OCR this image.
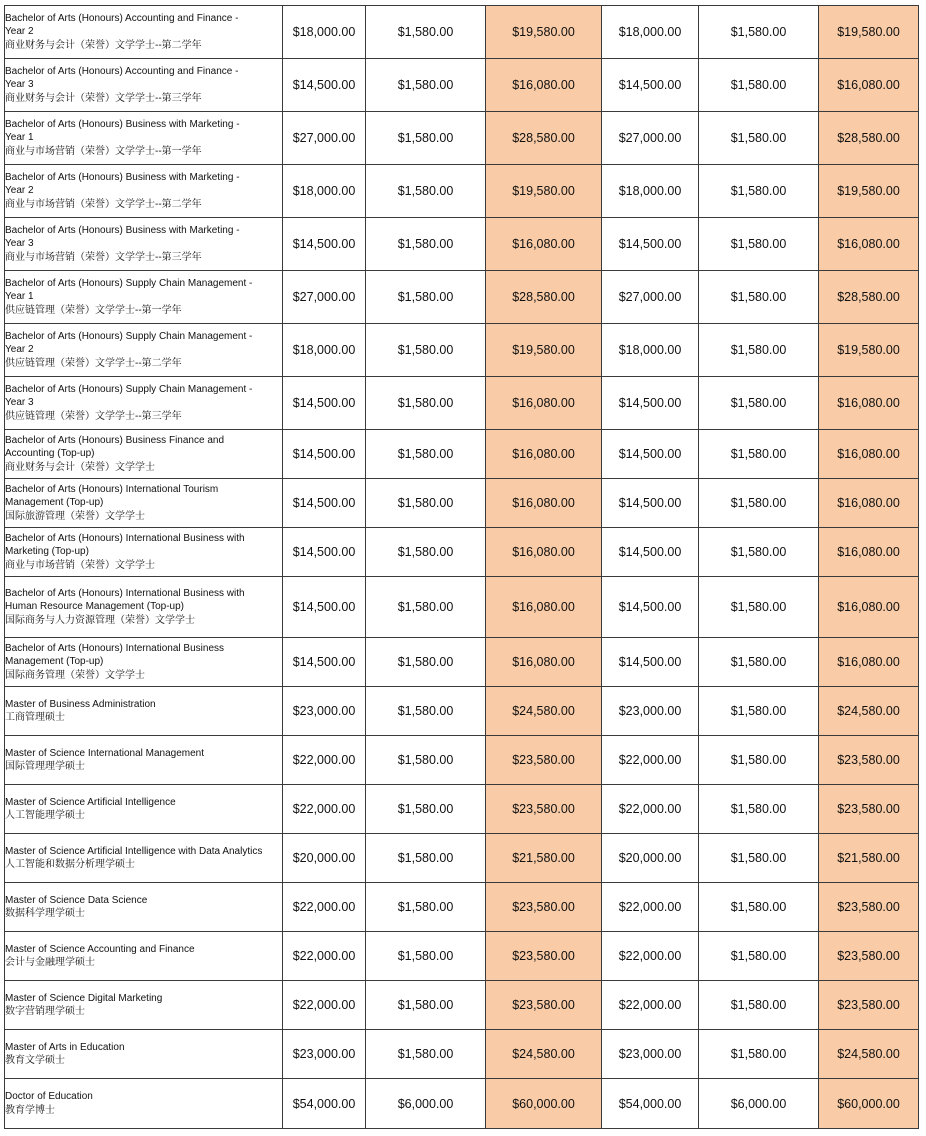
Bachelor of Arts (Honours) Accounting and Finance -
Year 2
商业财务与会计（荣誉）文学学士--第二学年	$18,000.00	$1,580.00	$19,580.00	$18,000.00	$1,580.00	$19,580.00

Bachelor of Arts (Honours) Accounting and Finance -
Year 3
商业财务与会计（荣誉）文学学士--第三学年	$14,500.00	$1,580.00	$16,080.00	$14,500.00	$1,580.00	$16,080.00

Bachelor of Arts (Honours) Business with Marketing -
Year 1
商业与市场营销（荣誉）文学学士--第一学年	$27,000.00	$1,580.00	$28,580.00	$27,000.00	$1,580.00	$28,580.00

Bachelor of Arts (Honours) Business with Marketing -
Year 2
商业与市场营销（荣誉）文学学士--第二学年	$18,000.00	$1,580.00	$19,580.00	$18,000.00	$1,580.00	$19,580.00

Bachelor of Arts (Honours) Business with Marketing -
Year 3
商业与市场营销（荣誉）文学学士--第三学年	$14,500.00	$1,580.00	$16,080.00	$14,500.00	$1,580.00	$16,080.00

Bachelor of Arts (Honours) Supply Chain Management -
Year 1
供应链管理（荣誉）文学学士--第一学年	$27,000.00	$1,580.00	$28,580.00	$27,000.00	$1,580.00	$28,580.00

Bachelor of Arts (Honours) Supply Chain Management -
Year 2
供应链管理（荣誉）文学学士--第二学年	$18,000.00	$1,580.00	$19,580.00	$18,000.00	$1,580.00	$19,580.00

Bachelor of Arts (Honours) Supply Chain Management -
Year 3
供应链管理（荣誉）文学学士--第三学年	$14,500.00	$1,580.00	$16,080.00	$14,500.00	$1,580.00	$16,080.00

Bachelor of Arts (Honours) Business Finance and
Accounting (Top-up)
商业财务与会计（荣誉）文学学士	$14,500.00	$1,580.00	$16,080.00	$14,500.00	$1,580.00	$16,080.00

Bachelor of Arts (Honours) International Tourism
Management (Top-up)
国际旅游管理（荣誉）文学学士	$14,500.00	$1,580.00	$16,080.00	$14,500.00	$1,580.00	$16,080.00

Bachelor of Arts (Honours) International Business with
Marketing (Top-up)
商业与市场营销（荣誉）文学学士	$14,500.00	$1,580.00	$16,080.00	$14,500.00	$1,580.00	$16,080.00

Bachelor of Arts (Honours) International Business with
Human Resource Management (Top-up)
国际商务与人力资源管理（荣誉）文学学士	$14,500.00	$1,580.00	$16,080.00	$14,500.00	$1,580.00	$16,080.00

Bachelor of Arts (Honours) International Business
Management (Top-up)
国际商务管理（荣誉）文学学士	$14,500.00	$1,580.00	$16,080.00	$14,500.00	$1,580.00	$16,080.00

Master of Business Administration
工商管理硕士	$23,000.00	$1,580.00	$24,580.00	$23,000.00	$1,580.00	$24,580.00

Master of Science International Management
国际管理理学硕士	$22,000.00	$1,580.00	$23,580.00	$22,000.00	$1,580.00	$23,580.00

Master of Science Artificial Intelligence
人工智能理学硕士	$22,000.00	$1,580.00	$23,580.00	$22,000.00	$1,580.00	$23,580.00

Master of Science Artificial Intelligence with Data Analytics
人工智能和数据分析理学硕士	$20,000.00	$1,580.00	$21,580.00	$20,000.00	$1,580.00	$21,580.00

Master of Science Data Science
数据科学理学硕士	$22,000.00	$1,580.00	$23,580.00	$22,000.00	$1,580.00	$23,580.00

Master of Science Accounting and Finance
会计与金融理学硕士	$22,000.00	$1,580.00	$23,580.00	$22,000.00	$1,580.00	$23,580.00

Master of Science Digital Marketing
数字营销理学硕士	$22,000.00	$1,580.00	$23,580.00	$22,000.00	$1,580.00	$23,580.00

Master of Arts in Education
教育文学硕士	$23,000.00	$1,580.00	$24,580.00	$23,000.00	$1,580.00	$24,580.00

Doctor of Education
教育学博士	$54,000.00	$6,000.00	$60,000.00	$54,000.00	$6,000.00	$60,000.00
